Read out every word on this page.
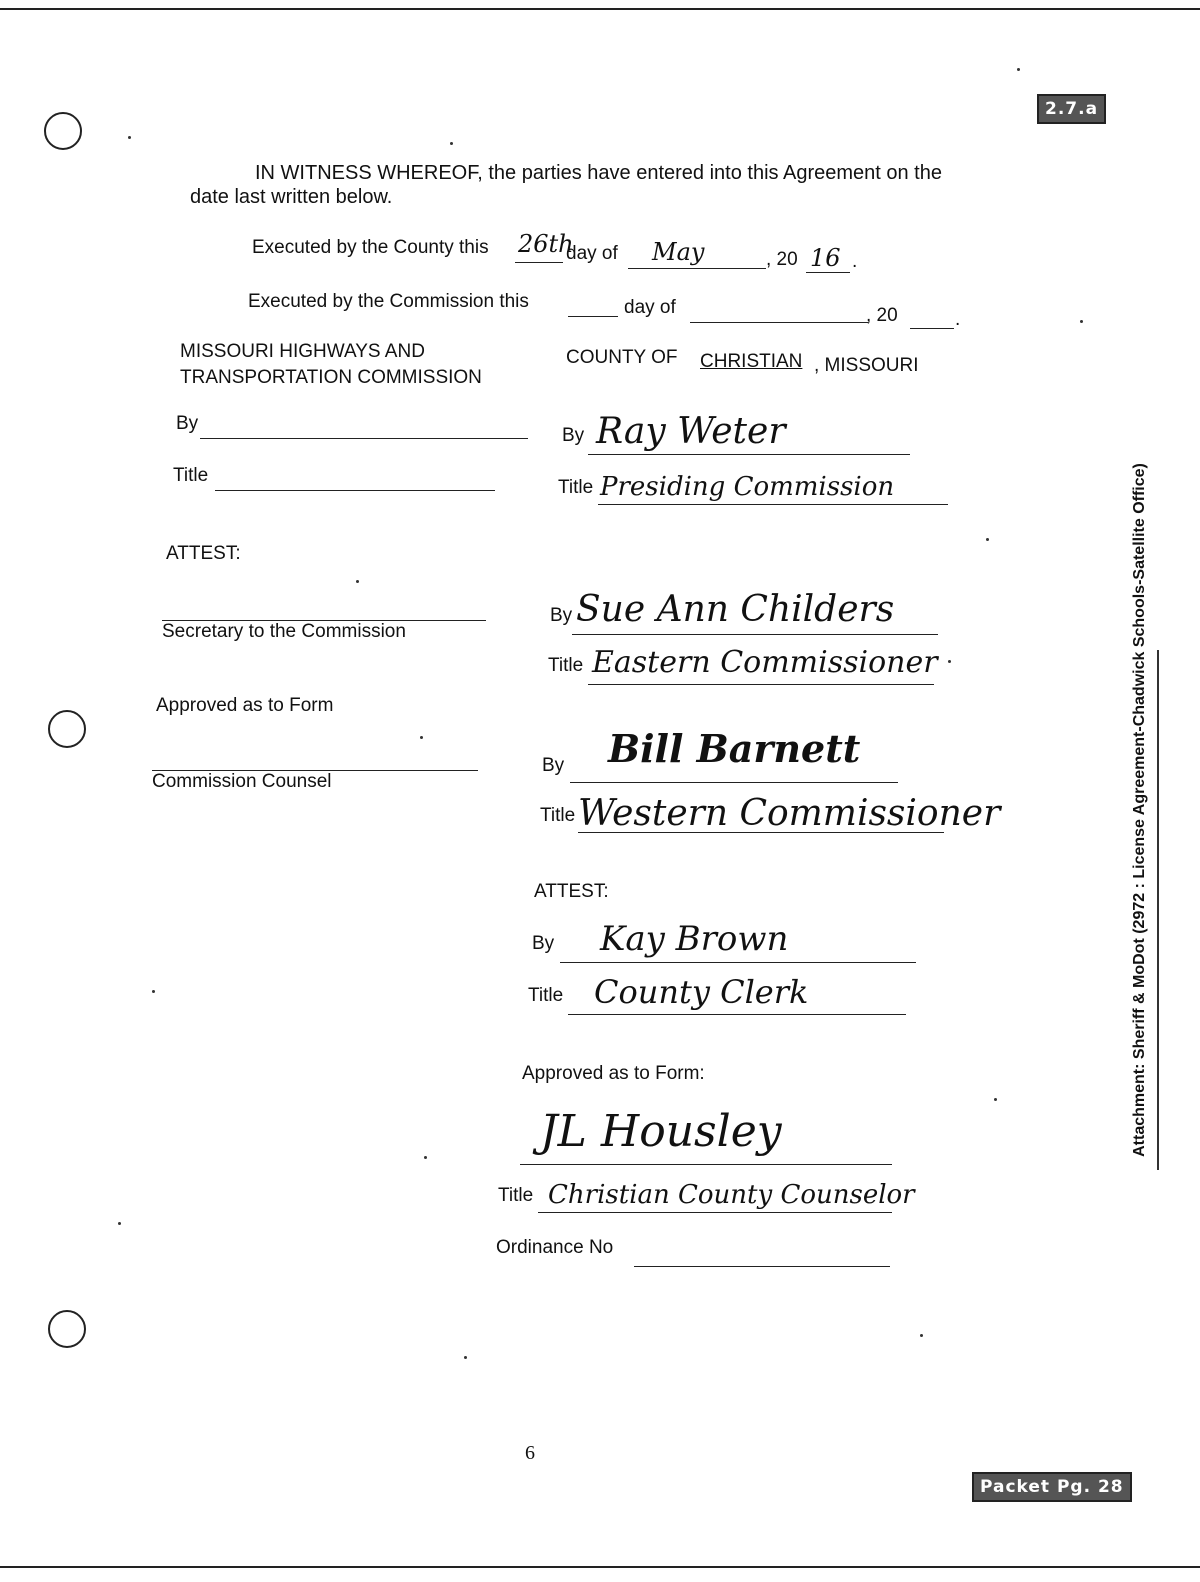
2.7.a
Packet Pg. 28
IN WITNESS WHEREOF, the parties have entered into this Agreement on the
date last written below.
Executed by the County this 26th
day of May	, 20 16 .
Executed by the Commission this	day of	, 20	.
MISSOURI HIGHWAYS AND
TRANSPORTATION COMMISSION
By
Title
ATTEST:
Secretary to the Commission
Approved as to Form
Commission Counsel
COUNTY OF CHRISTIAN , MISSOURI
By Ray Weter
Title Presiding Commission
By Sue Ann Childers
Title Eastern Commissioner
By Bill Barnett
Title Western Commissioner
ATTEST:
By Kay Brown
Title County Clerk
Approved as to Form:
JL Housley
Title Christian County Counselor
Ordinance No
Attachment: Sheriff & MoDot (2972 : License Agreement-Chadwick Schools-Satellite Office)
6
